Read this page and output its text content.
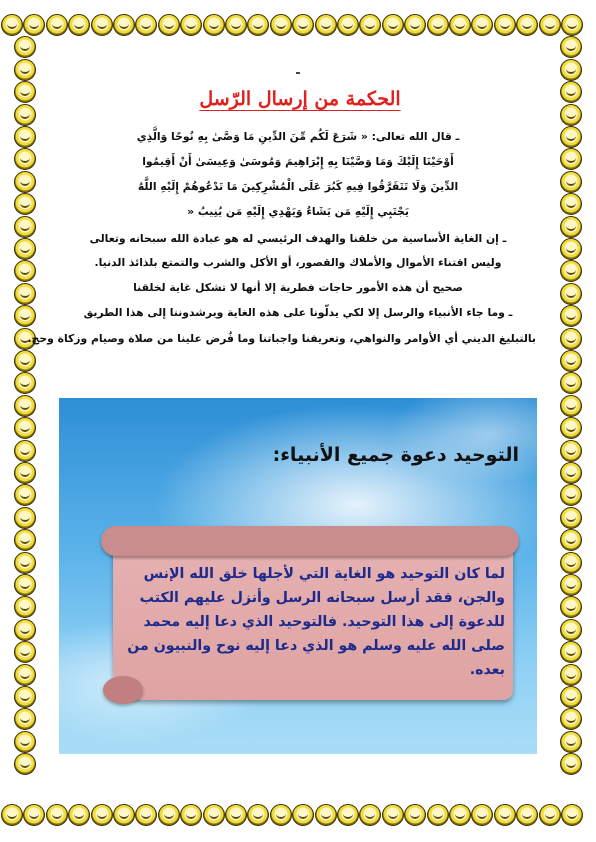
الحكمة من إرسال الرّسل
ـ قال الله تعالى: « شَرَعَ لَكُم مِّنَ الدِّينِ مَا وَصَّىٰ بِهِ نُوحًا وَالَّذِي
أَوْحَيْنَا إِلَيْكَ وَمَا وَصَّيْنَا بِهِ إِبْرَاهِيمَ وَمُوسَىٰ وَعِيسَىٰ أَنْ أَقِيمُوا
الدِّينَ وَلَا تَتَفَرَّقُوا فِيهِ كَبُرَ عَلَى الْمُشْرِكِينَ مَا تَدْعُوهُمْ إِلَيْهِ اللَّهُ
يَجْتَبِي إِلَيْهِ مَن يَشَاءُ وَيَهْدِي إِلَيْهِ مَن يُنِيبُ «
ـ إن الغاية الأساسية من خلقنا والهدف الرئيسي له هو عبادة الله سبحانه وتعالى
وليس اقتناء الأموال والأملاك والقصور، أو الأكل والشرب والتمتع بلذائذ الدنيا.
صحيح أن هذه الأمور حاجات فطرية إلا أنها لا تشكل غاية لخلقنا
ـ وما جاء الأنبياء والرسل إلا لكي يدلّونا على هذه الغاية ويرشدوننا إلى هذا الطريق
بالتبليغ الديني أي الأوامر والنواهي، وتعريفنا واجباتنا وما فُرض علينا من صلاة وصيام وزكاة وحج.
التوحيد دعوة جميع الأنبياء:
لما كان التوحيد هو الغاية التي لأجلها خلق الله الإنس والجن، فقد أرسل سبحانه الرسل وأنزل عليهم الكتب للدعوة إلى هذا التوحيد. فالتوحيد الذي دعا إليه محمد صلى الله عليه وسلم هو الذي دعا إليه نوح والنبيون من بعده.
